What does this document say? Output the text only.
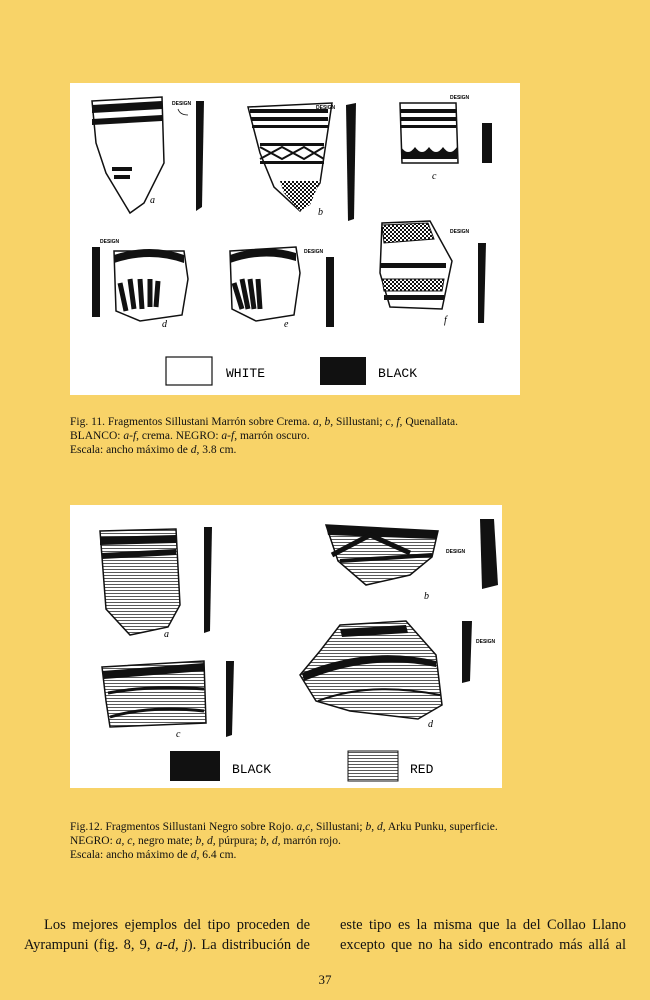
DESIGN
a
DESIGN
b
DESIGN
c
DESIGN
d
DESIGN
e
DESIGN
f
WHITE	BLACK
Fig. 11. Fragmentos Sillustani Marrón sobre Crema. a, b, Sillustani; c, f, Quenallata.
BLANCO: a-f, crema. NEGRO: a-f, marrón oscuro.
Escala: ancho máximo de d, 3.8 cm.
a
DESIGN
b
c
DESIGN
d
BLACK	RED
Fig.12. Fragmentos Sillustani Negro sobre Rojo. a,c, Sillustani; b, d, Arku Punku, superficie.
NEGRO: a, c, negro mate; b, d, púrpura; b, d, marrón rojo.
Escala: ancho máximo de d, 6.4 cm.
Los mejores ejemplos del tipo proceden de Ayrampuni (fig. 8, 9, a-d, j). La distribución de
este tipo es la misma que la del Collao Llano excepto que no ha sido encontrado más allá al
37
